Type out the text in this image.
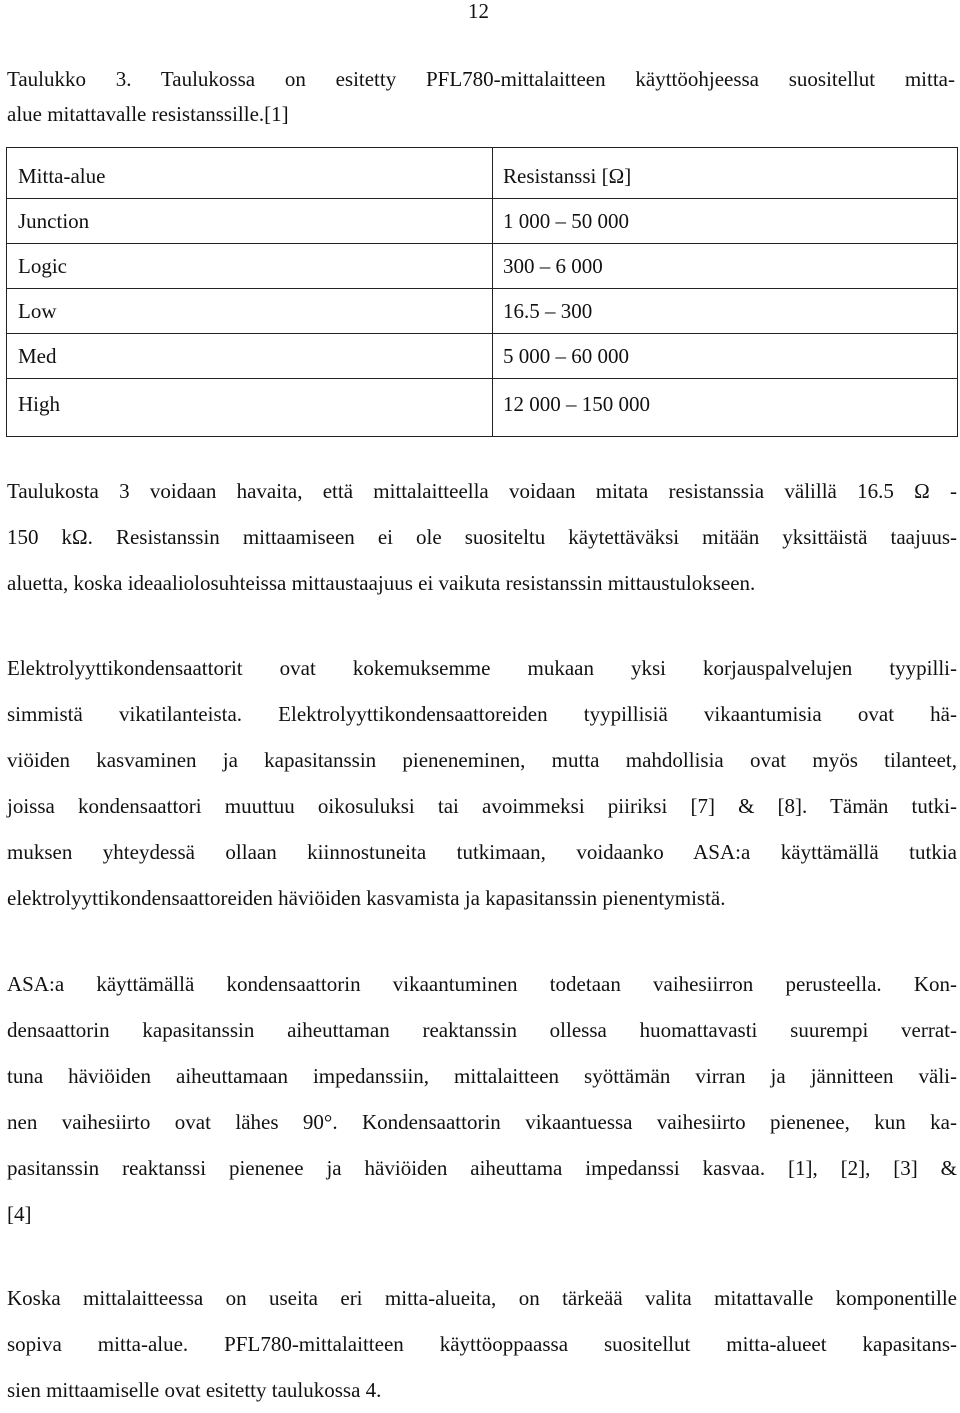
12
Taulukko 3. Taulukossa on esitetty PFL780-mittalaitteen käyttöohjeessa suositellut mitta-
alue mitattavalle resistanssille.[1]
Mitta-alue	Resistanssi [Ω]
Junction	1 000 – 50 000
Logic	300 – 6 000
Low	16.5 – 300
Med	5 000 – 60 000
High	12 000 – 150 000
Taulukosta 3 voidaan havaita, että mittalaitteella voidaan mitata resistanssia välillä 16.5 Ω -
150 kΩ. Resistanssin mittaamiseen ei ole suositeltu käytettäväksi mitään yksittäistä taajuus-
aluetta, koska ideaaliolosuhteissa mittaustaajuus ei vaikuta resistanssin mittaustulokseen.
Elektrolyyttikondensaattorit ovat kokemuksemme mukaan yksi korjauspalvelujen tyypilli-
simmistä vikatilanteista. Elektrolyyttikondensaattoreiden tyypillisiä vikaantumisia ovat hä-
viöiden kasvaminen ja kapasitanssin pieneneminen, mutta mahdollisia ovat myös tilanteet,
joissa kondensaattori muuttuu oikosuluksi tai avoimmeksi piiriksi [7] & [8]. Tämän tutki-
muksen yhteydessä ollaan kiinnostuneita tutkimaan, voidaanko ASA:a käyttämällä tutkia
elektrolyyttikondensaattoreiden häviöiden kasvamista ja kapasitanssin pienentymistä.
ASA:a käyttämällä kondensaattorin vikaantuminen todetaan vaihesiirron perusteella. Kon-
densaattorin kapasitanssin aiheuttaman reaktanssin ollessa huomattavasti suurempi verrat-
tuna häviöiden aiheuttamaan impedanssiin, mittalaitteen syöttämän virran ja jännitteen väli-
nen vaihesiirto ovat lähes 90°. Kondensaattorin vikaantuessa vaihesiirto pienenee, kun ka-
pasitanssin reaktanssi pienenee ja häviöiden aiheuttama impedanssi kasvaa. [1], [2], [3] &
[4]
Koska mittalaitteessa on useita eri mitta-alueita, on tärkeää valita mitattavalle komponentille
sopiva mitta-alue. PFL780-mittalaitteen käyttöoppaassa suositellut mitta-alueet kapasitans-
sien mittaamiselle ovat esitetty taulukossa 4.
